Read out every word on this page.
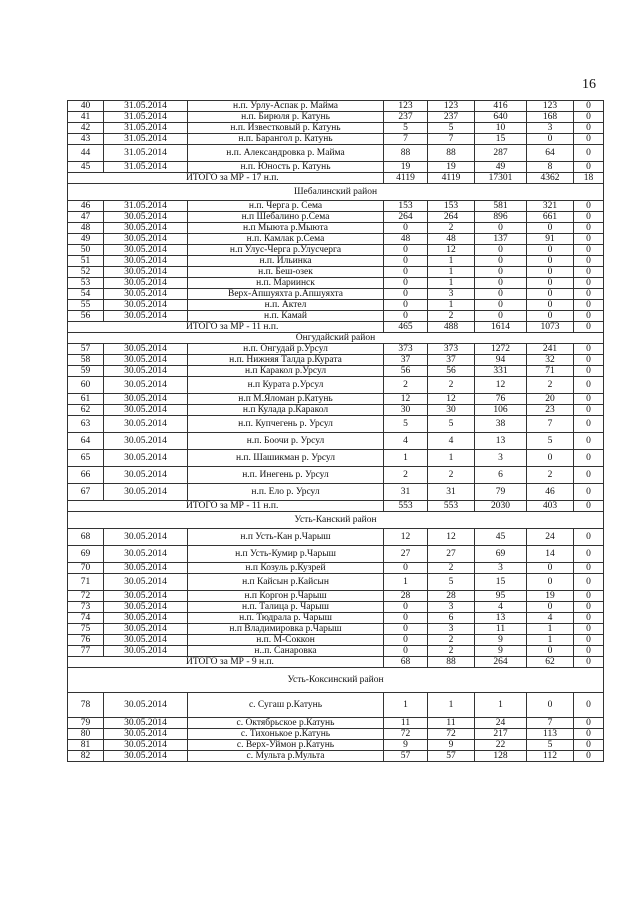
16
40	31.05.2014	н.п. Урлу-Аспак р. Майма	123	123	416	123	0
41	31.05.2014	н.п. Бирюля р. Катунь	237	237	640	168	0
42	31.05.2014	н.п. Известковый р. Катунь	5	5	10	3	0
43	31.05.2014	н.п. Барангол р. Катунь	7	7	15	0	0
44	31.05.2014	н.п. Александровка р. Майма	88	88	287	64	0
45	31.05.2014	н.п. Юность р. Катунь	19	19	49	8	0
ИТОГО за МР - 17 н.п.			4119	4119	17301	4362	18
Шебалинский район							
46	31.05.2014	н.п. Черга р. Сема	153	153	581	321	0
47	30.05.2014	н.п Шебалино р.Сема	264	264	896	661	0
48	30.05.2014	н.п Мыюта р.Мыюта	0	2	0	0	0
49	30.05.2014	н.п. Камлак р.Сема	48	48	137	91	0
50	30.05.2014	н.п Улус-Черга р.Улусчерга	0	12	0	0	0
51	30.05.2014	н.п. Ильинка	0	1	0	0	0
52	30.05.2014	н.п. Беш-озек	0	1	0	0	0
53	30.05.2014	н.п. Мариинск	0	1	0	0	0
54	30.05.2014	Верх-Апшуяхта р.Апшуяхта	0	3	0	0	0
55	30.05.2014	н.п. Актел	0	1	0	0	0
56	30.05.2014	н.п. Камай	0	2	0	0	0
ИТОГО за МР - 11 н.п.			465	488	1614	1073	0
Онгудайский район							
57	30.05.2014	н.п. Онгудай р.Урсул	373	373	1272	241	0
58	30.05.2014	н.п. Нижняя Талда р.Курата	37	37	94	32	0
59	30.05.2014	н.п Каракол р.Урсул	56	56	331	71	0
60	30.05.2014	н.п Курата р.Урсул	2	2	12	2	0
61	30.05.2014	н.п М.Яломан р.Катунь	12	12	76	20	0
62	30.05.2014	н.п Кулада р.Каракол	30	30	106	23	0
63	30.05.2014	н.п. Купчегень р. Урсул	5	5	38	7	0
64	30.05.2014	н.п. Боочи р. Урсул	4	4	13	5	0
65	30.05.2014	н.п. Шашикман р. Урсул	1	1	3	0	0
66	30.05.2014	н.п. Инегень р. Урсул	2	2	6	2	0
67	30.05.2014	н.п. Ело р. Урсул	31	31	79	46	0
ИТОГО за МР - 11 н.п.			553	553	2030	403	0
Усть-Канский район							
68	30.05.2014	н.п Усть-Кан р.Чарыш	12	12	45	24	0
69	30.05.2014	н.п Усть-Кумир р.Чарыш	27	27	69	14	0
70	30.05.2014	н.п Козуль р.Кузрей	0	2	3	0	0
71	30.05.2014	н.п Кайсын р.Кайсын	1	5	15	0	0
72	30.05.2014	н.п Коргон р.Чарыш	28	28	95	19	0
73	30.05.2014	н.п. Талица р. Чарыш	0	3	4	0	0
74	30.05.2014	н.п. Тюдрала р. Чарыш	0	6	13	4	0
75	30.05.2014	н.п Владимировка р.Чарыш	0	3	11	1	0
76	30.05.2014	н.п. М-Соккон	0	2	9	1	0
77	30.05.2014	н..п. Санаровка	0	2	9	0	0
ИТОГО за МР - 9 н.п.			68	88	264	62	0
Усть-Коксинский район							
78	30.05.2014	с. Сугаш р.Катунь	1	1	1	0	0
79	30.05.2014	с. Октябрьское р.Катунь	11	11	24	7	0
80	30.05.2014	с. Тихонькое р.Катунь	72	72	217	113	0
81	30.05.2014	с. Верх-Уймон р.Катунь	9	9	22	5	0
82	30.05.2014	с. Мульта р.Мульта	57	57	128	112	0
